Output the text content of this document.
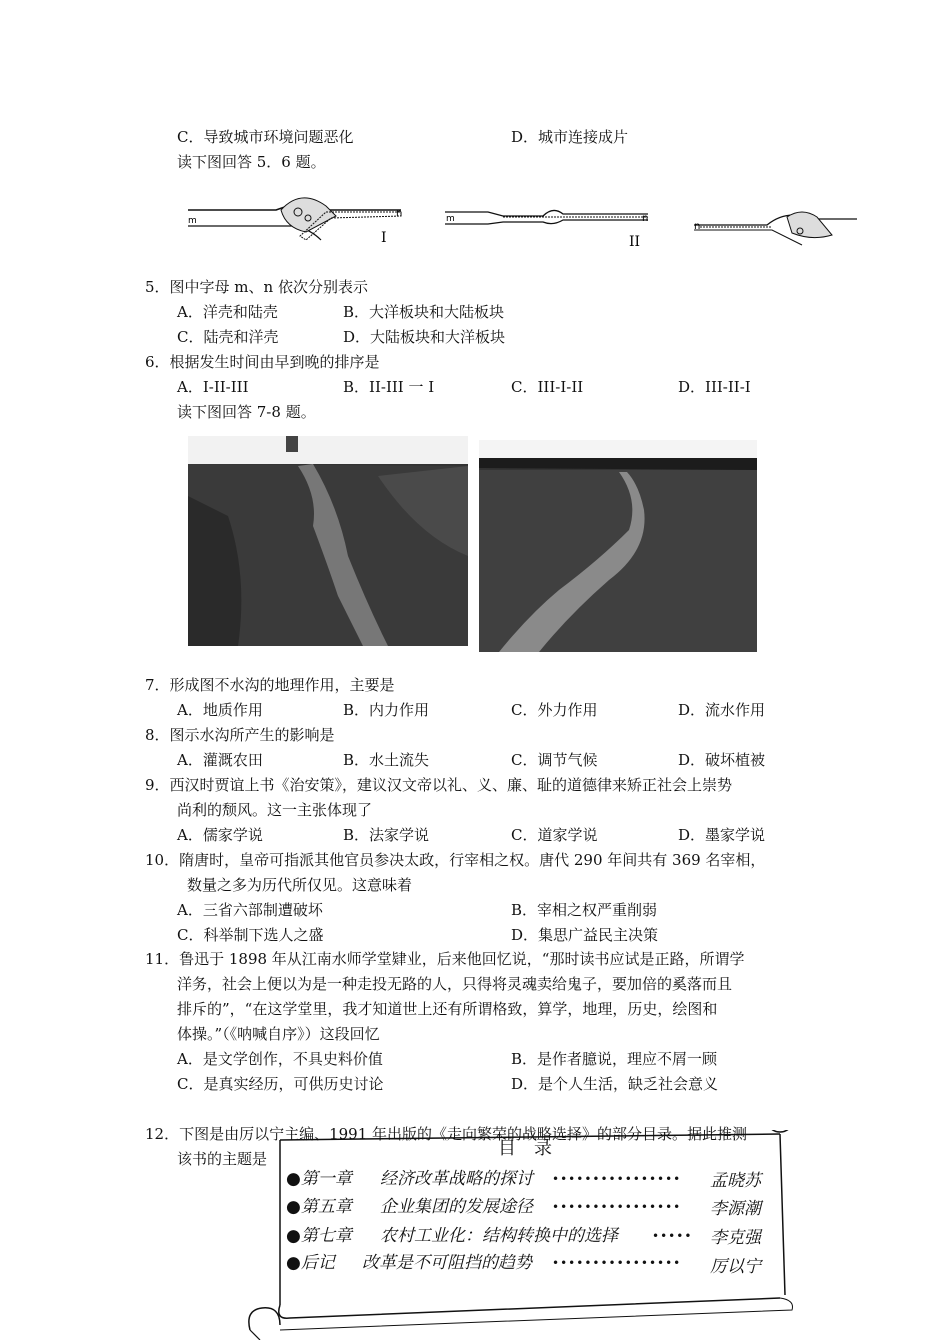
C．导致城市环境问题恶化	D．城市连接成片
读下图回答 5．6 题。
m
n
I
m	n
II
n
5．图中字母 m、n 依次分别表示
A．洋壳和陆壳	B．大洋板块和大陆板块
C．陆壳和洋壳	D．大陆板块和大洋板块
6．根据发生时间由早到晚的排序是
A．I-II-III	B．II-III 一 I	C．III-I-II	D．III-II-I
读下图回答 7-8 题。
7．形成图不水沟的地理作用，主要是
A．地质作用	B．内力作用	C．外力作用	D．流水作用
8．图示水沟所产生的影响是
A．灌溉农田	B．水土流失	C．调节气候	D．破坏植被
9．西汉时贾谊上书《治安策》，建议汉文帝以礼、义、廉、耻的道德律来矫正社会上崇势
尚利的颓风。这一主张体现了
A．儒家学说	B．法家学说	C．道家学说	D．墨家学说
10．隋唐时，皇帝可指派其他官员参决太政，行宰相之权。唐代 290 年间共有 369 名宰相，
数量之多为历代所仅见。这意味着
A．三省六部制遭破坏	B．宰相之权严重削弱
C．科举制下选人之盛	D．集思广益民主决策
11．鲁迅于 1898 年从江南水师学堂肄业，后来他回忆说，“那时读书应试是正路，所谓学
洋务，社会上便以为是一种走投无路的人，只得将灵魂卖给鬼子，要加倍的奚落而且
排斥的”，“在这学堂里，我才知道世上还有所谓格致，算学，地理，历史，绘图和
体操。”（《呐喊自序》）这段回忆
A．是文学创作，不具史料价值	B．是作者臆说，理应不屑一顾
C．是真实经历，可供历史讨论	D．是个人生活，缺乏社会意义
12．下图是由厉以宁主编、1991 年出版的《走向繁荣的战略选择》的部分目录。据此推测
该书的主题是	目　录
●第一章 经济改革战略的探讨 •••••••••••••••• 孟晓苏
●第五章 企业集团的发展途径 •••••••••••••••• 李源潮
●第七章 农村工业化：结构转换中的选择	••••• 李克强
●后记 改革是不可阻挡的趋势 •••••••••••••••• 厉以宁
